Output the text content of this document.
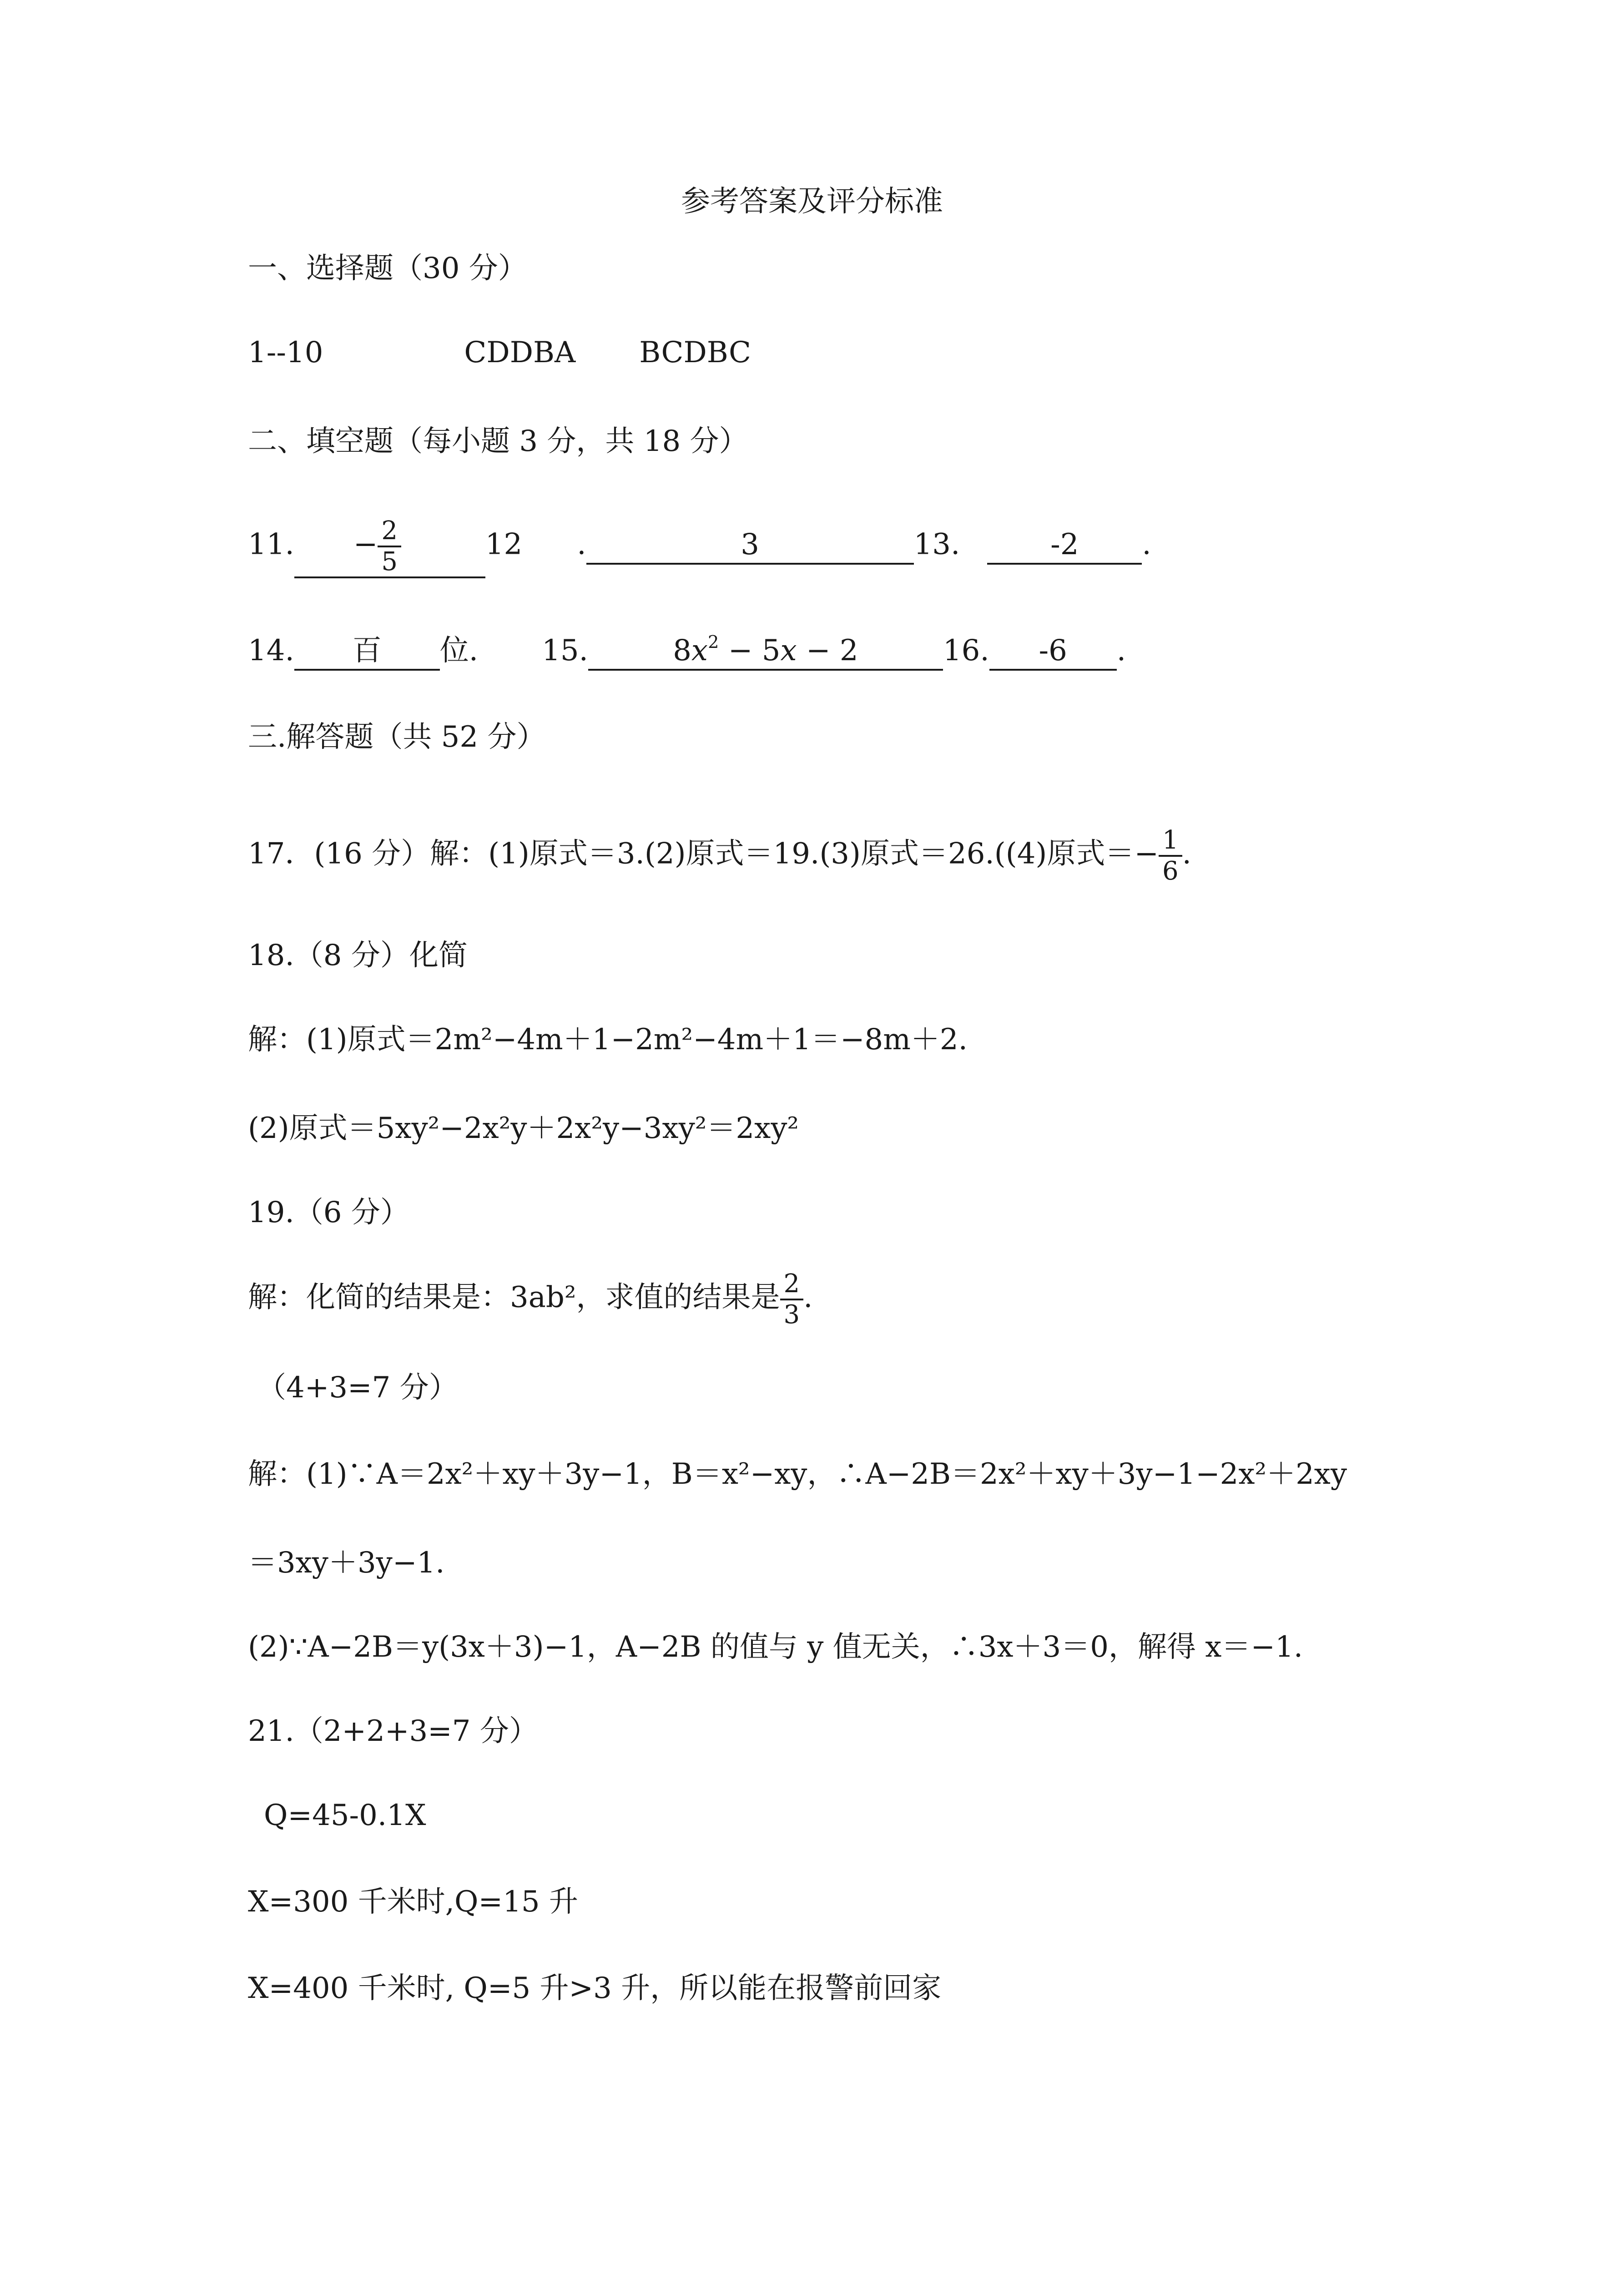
参考答案及评分标准
一、选择题（30 分）
1--10	CDDBA BCDBC
二、填空题（每小题 3 分，共 18 分）
11. − $\frac{2}{5}$	12 .	3	13.	-2 .
14. 百 位. 15.	$8x^2 - 5x - 2$	16. -6 .
三.解答题（共 52 分）
17．(16 分）解：(1)原式＝3.(2)原式＝19.(3)原式＝26.((4)原式＝− $\frac{1}{6}$ .
18.（8 分）化简
解：(1)原式＝2m²−4m＋1−2m²−4m＋1＝−8m＋2.
(2)原式＝5xy²−2x²y＋2x²y−3xy²＝2xy²
19.（6 分）
解：化简的结果是：3ab²，求值的结果是 $\frac{2}{3}$ .
（4+3=7 分）
解：(1)∵A＝2x²＋xy＋3y−1，B＝x²−xy，∴A−2B＝2x²＋xy＋3y−1−2x²＋2xy
＝3xy＋3y−1.
(2)∵A−2B＝y(3x＋3)−1，A−2B 的值与 y 值无关，∴3x＋3＝0，解得 x＝−1.
21.（2+2+3=7 分）
Q=45-0.1X
X=300 千米时,Q=15 升
X=400 千米时, Q=5 升>3 升，所以能在报警前回家
